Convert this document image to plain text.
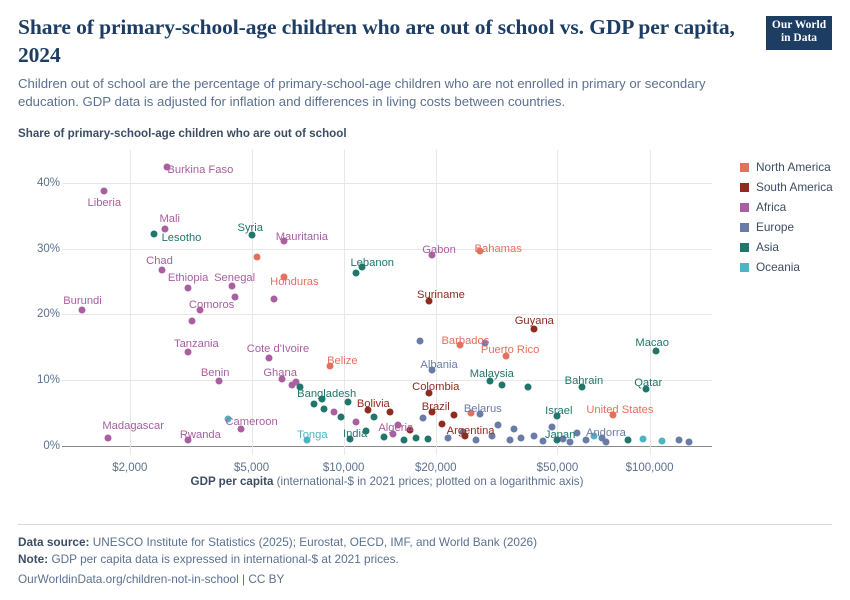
Share of primary-school-age children who are out of school vs. GDP per capita, 2024

Children out of school are the percentage of primary-school-age children who are not enrolled in primary or secondary education. GDP data is adjusted for inflation and differences in living costs between countries.

Our World
in Data
Share of primary-school-age children who are out of school
0%
10%
20%
30%
40%
$2,000	$5,000	$10,000	$20,000	$50,000	$100,000
Burkina Faso
Liberia
Mali
Lesotho
Syria
Mauritania
Chad
Ethiopia Senegal Honduras
Lebanon
Gabon Bahamas
Suriname
Comoros
Burundi
Guyana
Tanzania Cote d'Ivoire
Barbados
Puerto Rico
Macao
Belize	Albania
Ghana
Benin	Malaysia
Qatar
Bahrain
Colombia
Bangladesh
Bolivia	Brazil Belarus	Israel United States
Madagascar
Rwanda
Cameroon
Tonga India
Algeria	Argentina	Japan Andorra
GDP per capita (international-$ in 2021 prices; plotted on a logarithmic axis)
North America
South America
Africa
Europe
Asia
Oceania
Data source: UNESCO Institute for Statistics (2025); Eurostat, OECD, IMF, and World Bank (2026)
Note: GDP per capita data is expressed in international-$ at 2021 prices.
OurWorldinData.org/children-not-in-school | CC BY
